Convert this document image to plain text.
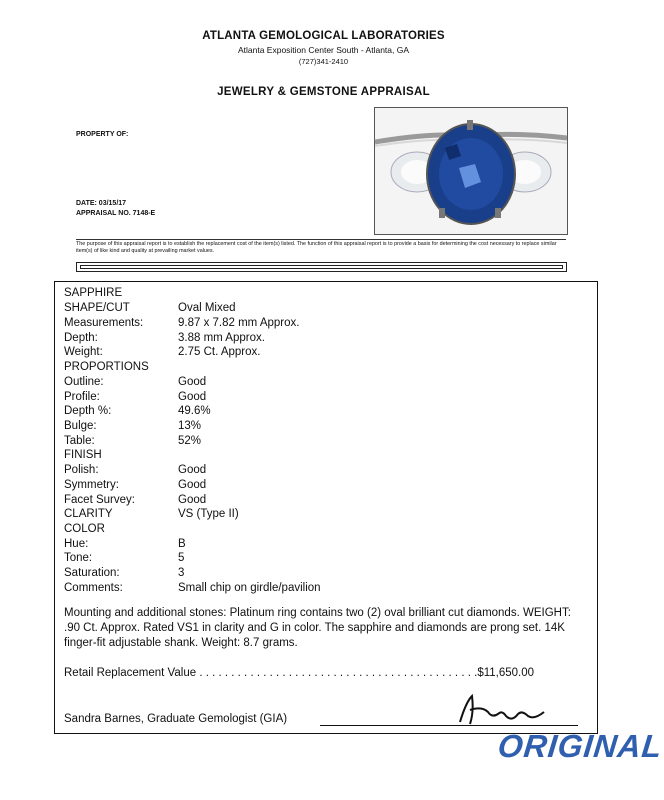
ATLANTA GEMOLOGICAL LABORATORIES
Atlanta Exposition Center South - Atlanta, GA
(727)341-2410
JEWELRY & GEMSTONE APPRAISAL
PROPERTY OF:
DATE: 03/15/17
APPRAISAL NO. 7148-E
The purpose of this appraisal report is to establish the replacement cost of the item(s) listed. The function of this appraisal report is to provide a basis for determining the cost necessary to replace similar item(s) of like kind and quality at prevailing market values.
SAPPHIRE
SHAPE/CUT	Oval Mixed
Measurements:	9.87 x 7.82 mm Approx.
Depth:	3.88 mm Approx.
Weight:	2.75 Ct. Approx.
PROPORTIONS
Outline:	Good
Profile:	Good
Depth %:	49.6%
Bulge:	13%
Table:	52%
FINISH
Polish:	Good
Symmetry:	Good
Facet Survey:	Good
CLARITY	VS (Type II)
COLOR
Hue:	B
Tone:	5
Saturation:	3
Comments:	Small chip on girdle/pavilion
Mounting and additional stones: Platinum ring contains two (2) oval brilliant cut diamonds. WEIGHT: .90 Ct. Approx. Rated VS1 in clarity and G in color. The sapphire and diamonds are prong set. 14K finger-fit adjustable shank. Weight: 8.7 grams.
Retail Replacement Value . . . . . . . . . . . . . . . . . . . . . . . . . . . . . . . . . . . . . . . . . . . .$11,650.00
Sandra Barnes, Graduate Gemologist (GIA)
ORIGINAL
